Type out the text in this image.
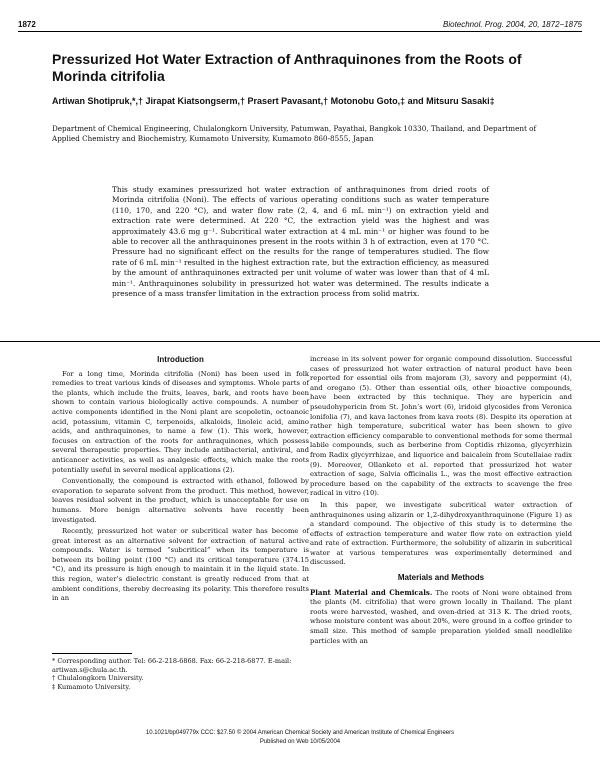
1872	Biotechnol. Prog. 2004, 20, 1872−1875
Pressurized Hot Water Extraction of Anthraquinones from the Roots of Morinda citrifolia
Artiwan Shotipruk,*,† Jirapat Kiatsongserm,† Prasert Pavasant,† Motonobu Goto,‡ and Mitsuru Sasaki‡
Department of Chemical Engineering, Chulalongkorn University, Patumwan, Payathai, Bangkok 10330, Thailand, and Department of Applied Chemistry and Biochemistry, Kumamoto University, Kumamoto 860-8555, Japan
This study examines pressurized hot water extraction of anthraquinones from dried roots of Morinda citrifolia (Noni). The effects of various operating conditions such as water temperature (110, 170, and 220 °C), and water flow rate (2, 4, and 6 mL min⁻¹) on extraction yield and extraction rate were determined. At 220 °C, the extraction yield was the highest and was approximately 43.6 mg g⁻¹. Subcritical water extraction at 4 mL min⁻¹ or higher was found to be able to recover all the anthraquinones present in the roots within 3 h of extraction, even at 170 °C. Pressure had no significant effect on the results for the range of temperatures studied. The flow rate of 6 mL min⁻¹ resulted in the highest extraction rate, but the extraction efficiency, as measured by the amount of anthraquinones extracted per unit volume of water was lower than that of 4 mL min⁻¹. Anthraquinones solubility in pressurized hot water was determined. The results indicate a presence of a mass transfer limitation in the extraction process from solid matrix.
Introduction

For a long time, Morinda citrifolia (Noni) has been used in folk remedies to treat various kinds of diseases and symptoms. Whole parts of the plants, which include the fruits, leaves, bark, and roots have been shown to contain various biologically active compounds. A number of active components identified in the Noni plant are scopoletin, octoanoic acid, potassium, vitamin C, terpenoids, alkaloids, linoleic acid, amino acids, and anthraquinones, to name a few (1). This work, however, focuses on extraction of the roots for anthraquinones, which possess several therapeutic properties. They include antibacterial, antiviral, and anticancer activities, as well as analgesic effects, which make the roots potentially useful in several medical applications (2).

Conventionally, the compound is extracted with ethanol, followed by evaporation to separate solvent from the product. This method, however, leaves residual solvent in the product, which is unacceptable for use on humans. More benign alternative solvents have recently been investigated.

Recently, pressurized hot water or subcritical water has become of great interest as an alternative solvent for extraction of natural active compounds. Water is termed “subcritical” when its temperature is between its boiling point (100 °C) and its critical temperature (374.15 °C), and its pressure is high enough to maintain it in the liquid state. In this region, water’s dielectric constant is greatly reduced from that at ambient conditions, thereby decreasing its polarity. This therefore results in an

increase in its solvent power for organic compound dissolution. Successful cases of pressurized hot water extraction of natural product have been reported for essential oils from majoram (3), savory and peppermint (4), and oregano (5). Other than essential oils, other bioactive compounds, have been extracted by this technique. They are hypericin and pseudohypericin from St. John’s wort (6), iridoid glycosides from Veronica lonifolia (7), and kava lactones from kava roots (8). Despite its operation at rather high temperature, subcritical water has been shown to give extraction efficiency comparable to conventional methods for some thermal labile compounds, such as berberine from Coptidis rhizoma, glycyrrhizin from Radix glycyrrhizae, and liquorice and baicalein from Scutellaiae radix (9). Moreover, Ollanketo et al. reported that pressurized hot water extraction of sage, Salvia officinalis L., was the most effective extraction procedure based on the capability of the extracts to scavenge the free radical in vitro (10).

In this paper, we investigate subcritical water extraction of anthraquinones using alizarin or 1,2-dihydroxyanthraquinone (Figure 1) as a standard compound. The objective of this study is to determine the effects of extraction temperature and water flow rate on extraction yield and rate of extraction. Furthermore, the solubility of alizarin in subcritical water at various temperatures was experimentally determined and discussed.

Materials and Methods

Plant Material and Chemicals. The roots of Noni were obtained from the plants (M. citrifolia) that were grown locally in Thailand. The plant roots were harvested, washed, and oven-dried at 313 K. The dried roots, whose moisture content was about 20%, were ground in a coffee grinder to small size. This method of sample preparation yielded small needlelike particles with an

* Corresponding author. Tel: 66-2-218-6868. Fax: 66-2-218-6877. E-mail: artiwan.s@chula.ac.th.
† Chulalongkorn University.
‡ Kumamoto University.
10.1021/bp049779x CCC: $27.50 © 2004 American Chemical Society and American Institute of Chemical Engineers
Published on Web 10/05/2004
